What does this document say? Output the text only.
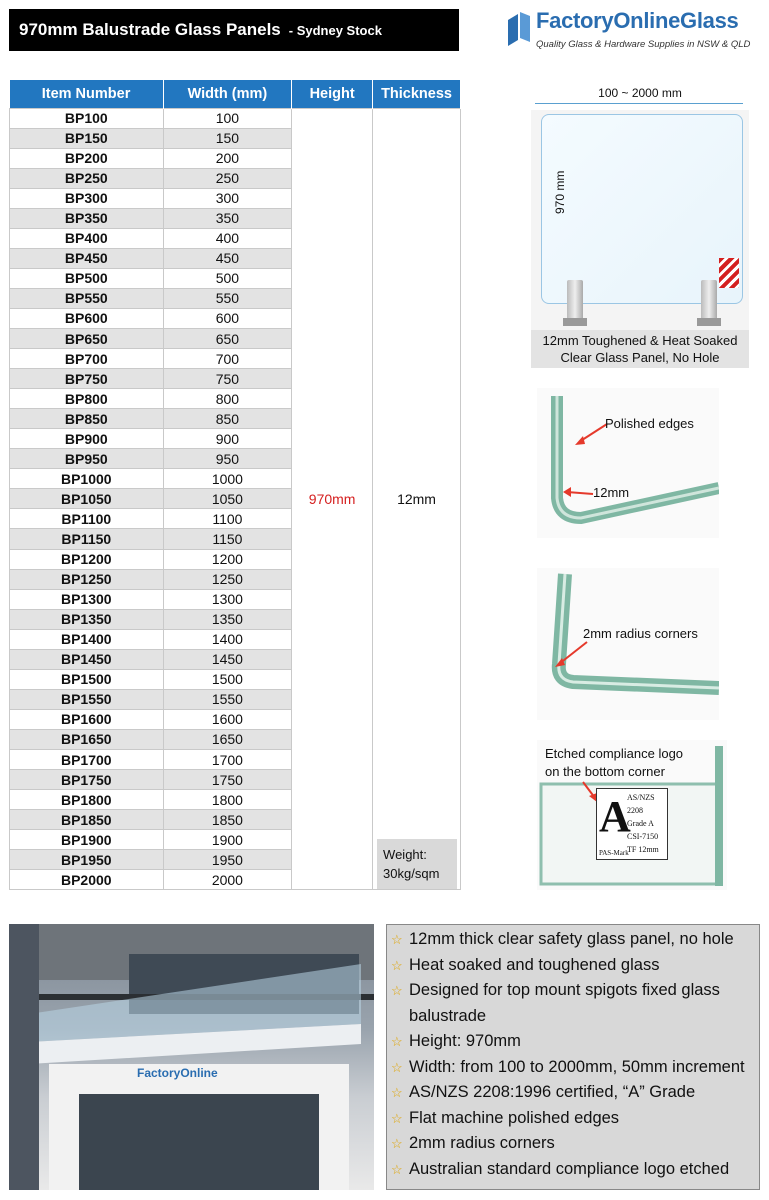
970mm Balustrade Glass Panels - Sydney Stock	FactoryOnlineGlass
Quality Glass & Hardware Supplies in NSW & QLD
Item Number	Width (mm)	Height	Thickness
BP100	100	970mm	12mm
Weight:
30kg/sqm

BP150	150		
BP200	200		
BP250	250		
BP300	300		
BP350	350		
BP400	400		
BP450	450		
BP500	500		
BP550	550		
BP600	600		
BP650	650		
BP700	700		
BP750	750		
BP800	800		
BP850	850		
BP900	900		
BP950	950		
BP1000	1000		
BP1050	1050		
BP1100	1100		
BP1150	1150		
BP1200	1200		
BP1250	1250		
BP1300	1300		
BP1350	1350		
BP1400	1400		
BP1450	1450		
BP1500	1500		
BP1550	1550		
BP1600	1600		
BP1650	1650		
BP1700	1700		
BP1750	1750		
BP1800	1800		
BP1850	1850		
BP1900	1900		
BP1950	1950		
BP2000	2000		
100 ~ 2000 mm
970 mm
12mm Toughened & Heat Soaked
Clear Glass Panel, No Hole
Polished edges
12mm
2mm radius corners
Etched compliance logo
on the bottom corner
A
AS/NZS
2208
Grade A
CSI-7150
TF 12mm
PAS-Mark
FactoryOnline
☆ 12mm thick clear safety glass panel, no hole
☆ Heat soaked and toughened glass
☆ Designed for top mount spigots fixed glass balustrade
☆ Height: 970mm
☆ Width: from 100 to 2000mm, 50mm increment
☆ AS/NZS 2208:1996 certified, “A” Grade
☆ Flat machine polished edges
☆ 2mm radius corners
☆ Australian standard compliance logo etched
